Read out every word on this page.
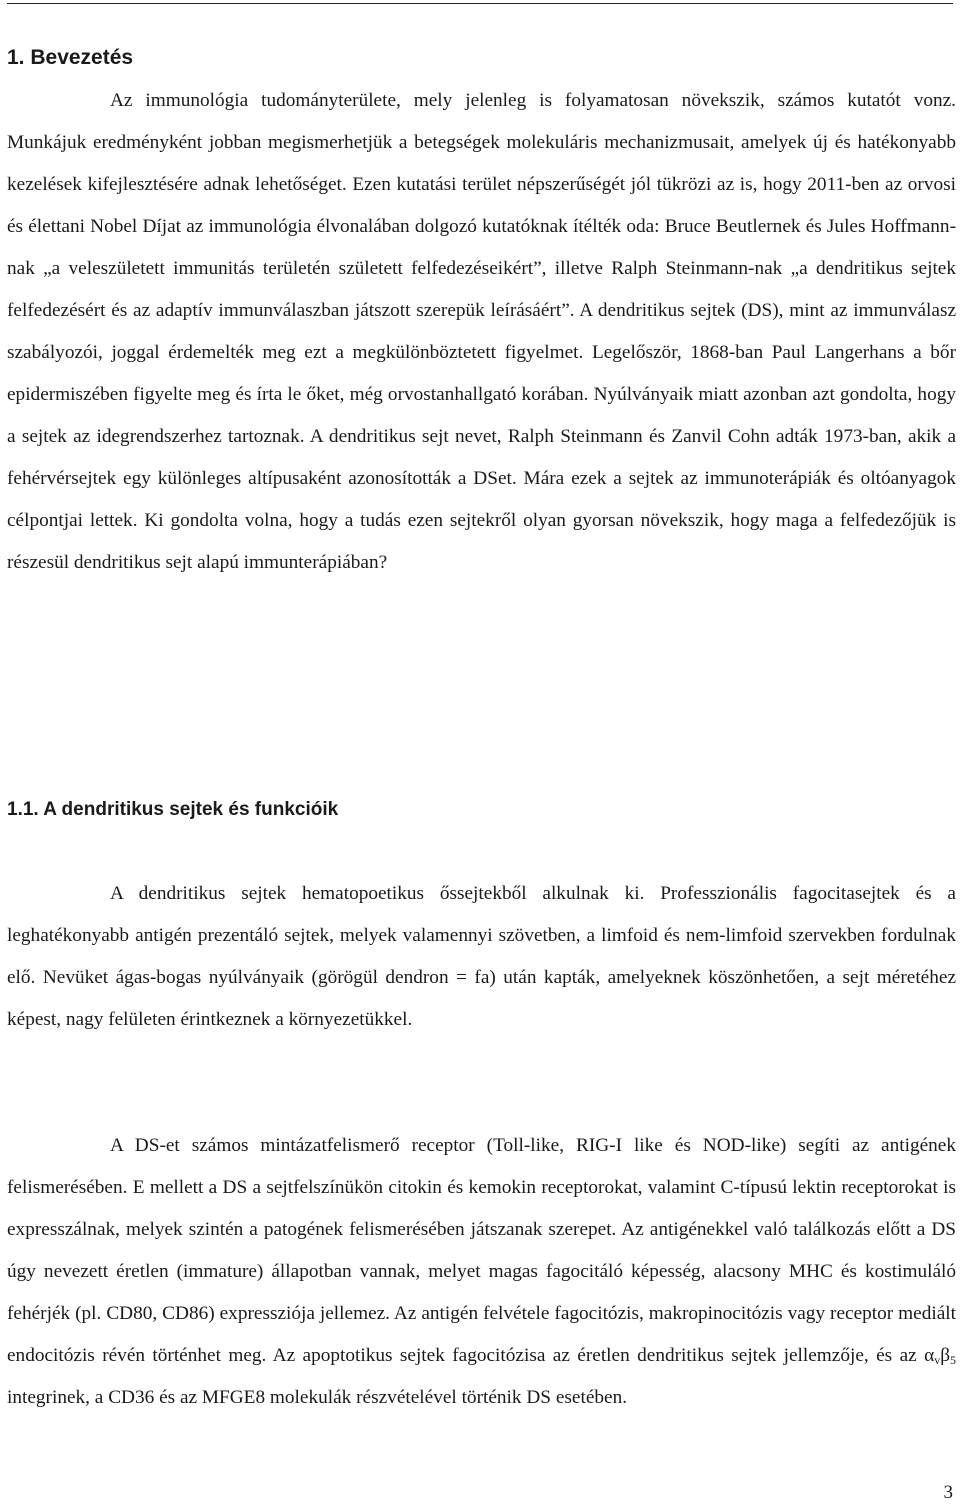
1. Bevezetés

Az immunológia tudományterülete, mely jelenleg is folyamatosan növekszik, számos kutatót vonz. Munkájuk eredményként jobban megismerhetjük a betegségek molekuláris mechanizmusait, amelyek új és hatékonyabb kezelések kifejlesztésére adnak lehetőséget. Ezen kutatási terület népszerűségét jól tükrözi az is, hogy 2011-ben az orvosi és élettani Nobel Díjat az immunológia élvonalában dolgozó kutatóknak ítélték oda: Bruce Beutlernek és Jules Hoffmann-nak „a veleszületett immunitás területén született felfedezéseikért”, illetve Ralph Steinmann-nak „a dendritikus sejtek felfedezésért és az adaptív immunválaszban játszott szerepük leírásáért”. A dendritikus sejtek (DS), mint az immunválasz szabályozói, joggal érdemelték meg ezt a megkülönböztetett figyelmet. Legelőször, 1868-ban Paul Langerhans a bőr epidermiszében figyelte meg és írta le őket, még orvostanhallgató korában. Nyúlványaik miatt azonban azt gondolta, hogy a sejtek az idegrendszerhez tartoznak. A dendritikus sejt nevet, Ralph Steinmann és Zanvil Cohn adták 1973-ban, akik a fehérvérsejtek egy különleges altípusaként azonosították a DSet. Mára ezek a sejtek az immunoterápiák és oltóanyagok célpontjai lettek. Ki gondolta volna, hogy a tudás ezen sejtekről olyan gyorsan növekszik, hogy maga a felfedezőjük is részesül dendritikus sejt alapú immunterápiában?

1.1. A dendritikus sejtek és funkcióik

A dendritikus sejtek hematopoetikus őssejtekből alkulnak ki. Professzionális fagocitasejtek és a leghatékonyabb antigén prezentáló sejtek, melyek valamennyi szövetben, a limfoid és nem-limfoid szervekben fordulnak elő. Nevüket ágas-bogas nyúlványaik (görögül dendron = fa) után kapták, amelyeknek köszönhetően, a sejt méretéhez képest, nagy felületen érintkeznek a környezetükkel.

A DS-et számos mintázatfelismerő receptor (Toll-like, RIG-I like és NOD-like) segíti az antigének felismerésében. E mellett a DS a sejtfelszínükön citokin és kemokin receptorokat, valamint C-típusú lektin receptorokat is expresszálnak, melyek szintén a patogének felismerésében játszanak szerepet. Az antigénekkel való találkozás előtt a DS úgy nevezett éretlen (immature) állapotban vannak, melyet magas fagocitáló képesség, alacsony MHC és kostimuláló fehérjék (pl. CD80, CD86) expressziója jellemez. Az antigén felvétele fagocitózis, makropinocitózis vagy receptor mediált endocitózis révén történhet meg. Az apoptotikus sejtek fagocitózisa az éretlen dendritikus sejtek jellemzője, és az $\alpha_v\beta_5$ integrinek, a CD36 és az MFGE8 molekulák részvételével történik DS esetében.

3
